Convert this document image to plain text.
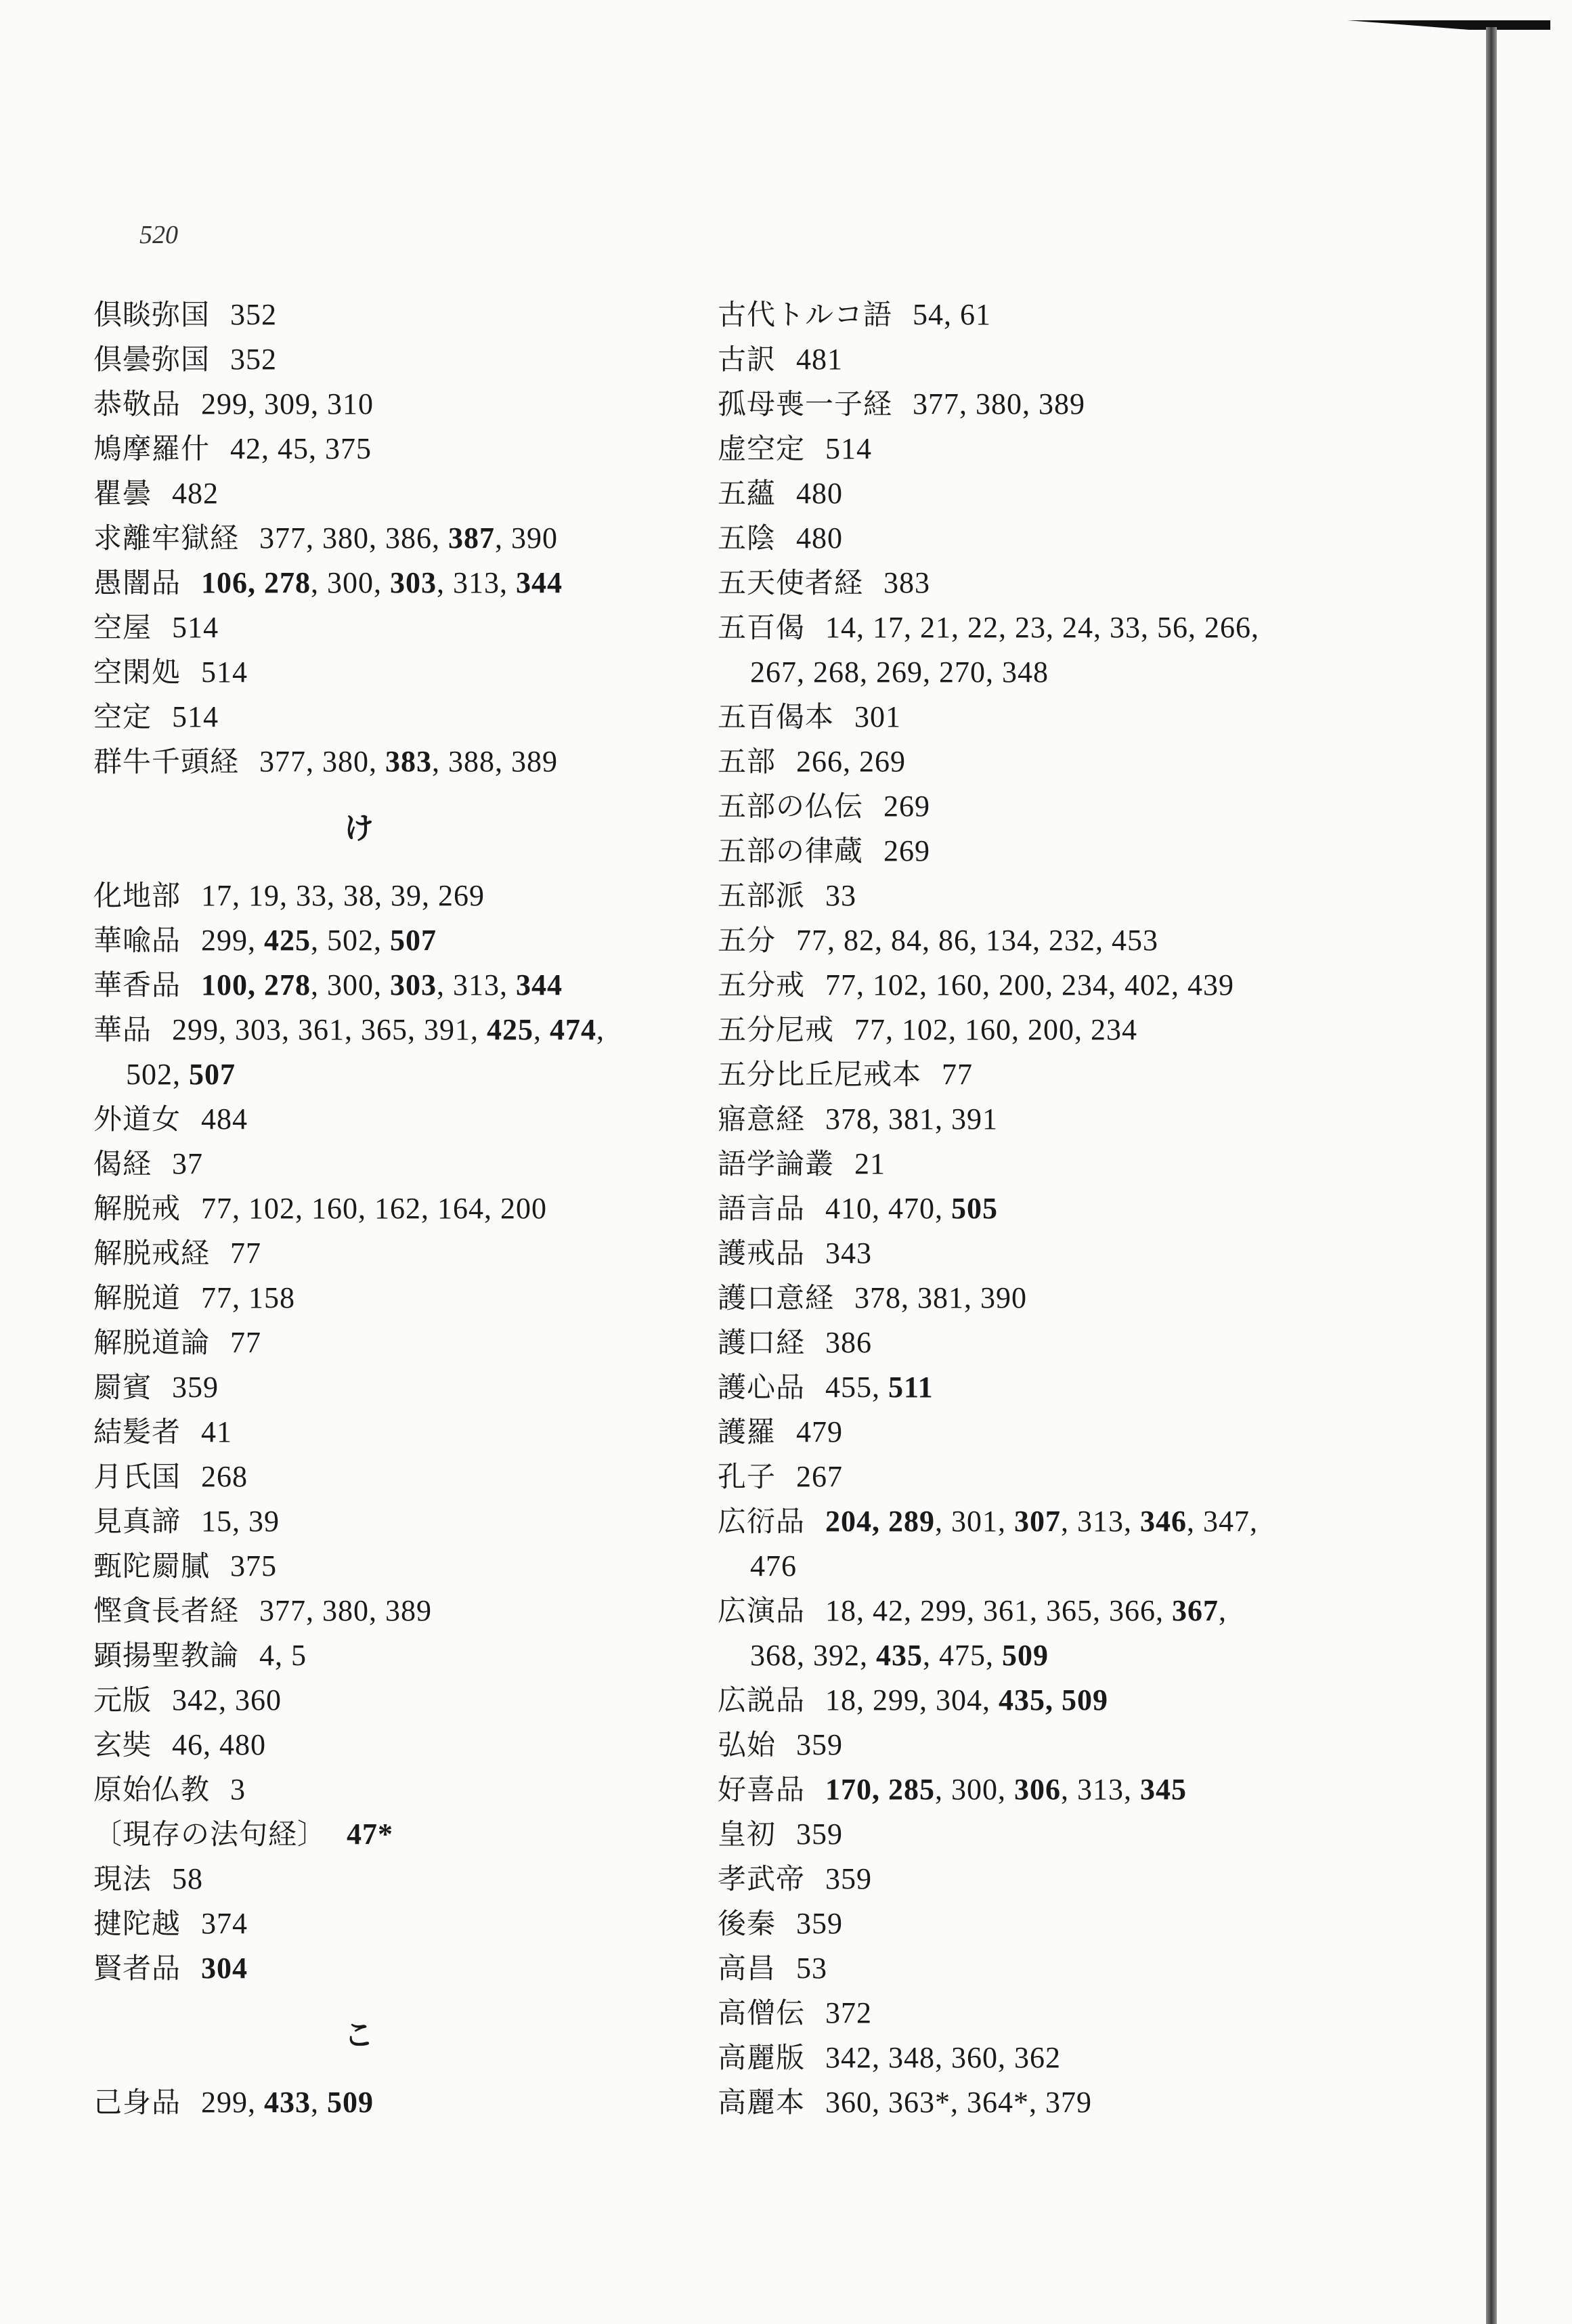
520
倶睒弥国 352
倶曇弥国 352
恭敬品 299, 309, 310
鳩摩羅什 42, 45, 375
瞿曇 482
求離牢獄経 377, 380, 386, 387, 390
愚闇品 106, 278, 300, 303, 313, 344
空屋 514
空閑処 514
空定 514
群牛千頭経 377, 380, 383, 388, 389
け
化地部 17, 19, 33, 38, 39, 269
華喩品 299, 425, 502, 507
華香品 100, 278, 300, 303, 313, 344
華品 299, 303, 361, 365, 391, 425, 474,
502, 507
外道女 484
偈経 37
解脱戒 77, 102, 160, 162, 164, 200
解脱戒経 77
解脱道 77, 158
解脱道論 77
罽賓 359
結髪者 41
月氏国 268
見真諦 15, 39
甄陀罽膩 375
慳貪長者経 377, 380, 389
顕揚聖教論 4, 5
元版 342, 360
玄奘 46, 480
原始仏教 3
〔現存の法句経〕 47*
現法 58
揵陀越 374
賢者品 304
こ
己身品 299, 433, 509
古代トルコ語 54, 61
古訳 481
孤母喪一子経 377, 380, 389
虚空定 514
五蘊 480
五陰 480
五天使者経 383
五百偈 14, 17, 21, 22, 23, 24, 33, 56, 266,
267, 268, 269, 270, 348
五百偈本 301
五部 266, 269
五部の仏伝 269
五部の律蔵 269
五部派 33
五分 77, 82, 84, 86, 134, 232, 453
五分戒 77, 102, 160, 200, 234, 402, 439
五分尼戒 77, 102, 160, 200, 234
五分比丘尼戒本 77
寤意経 378, 381, 391
語学論叢 21
語言品 410, 470, 505
護戒品 343
護口意経 378, 381, 390
護口経 386
護心品 455, 511
護羅 479
孔子 267
広衍品 204, 289, 301, 307, 313, 346, 347,
476
広演品 18, 42, 299, 361, 365, 366, 367,
368, 392, 435, 475, 509
広説品 18, 299, 304, 435, 509
弘始 359
好喜品 170, 285, 300, 306, 313, 345
皇初 359
孝武帝 359
後秦 359
高昌 53
高僧伝 372
高麗版 342, 348, 360, 362
高麗本 360, 363*, 364*, 379
